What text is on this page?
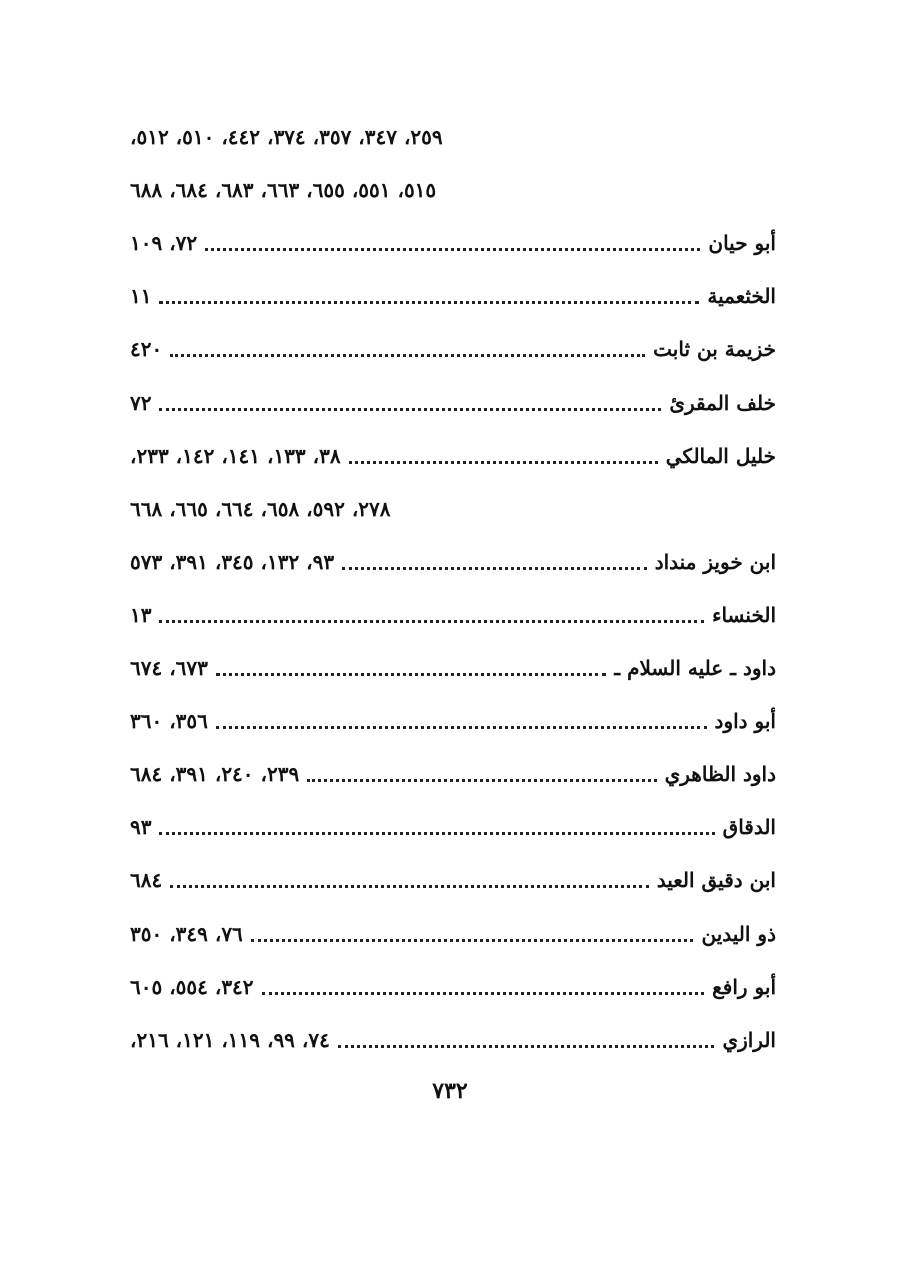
٢٥٩، ٣٤٧، ٣٥٧، ٣٧٤، ٤٤٢، ٥١٠، ٥١٢،
٥١٥، ٥٥١، ٦٥٥، ٦٦٣، ٦٨٣، ٦٨٤، ٦٨٨
أبو حيان
٧٢، ١٠٩
الخثعمية
١١
خزيمة بن ثابت
٤٢٠
خلف المقرئ
٧٢
خليل المالكي
٣٨، ١٣٣، ١٤١، ١٤٢، ٢٣٣،
٢٧٨، ٥٩٢، ٦٥٨، ٦٦٤، ٦٦٥، ٦٦٨
ابن خويز منداد
٩٣، ١٣٢، ٣٤٥، ٣٩١، ٥٧٣
الخنساء
١٣
داود ـ عليه السلام ـ
٦٧٣، ٦٧٤
أبو داود
٣٥٦، ٣٦٠
داود الظاهري
٢٣٩، ٢٤٠، ٣٩١، ٦٨٤
الدقاق
٩٣
ابن دقيق العيد
٦٨٤
ذو اليدين
٧٦، ٣٤٩، ٣٥٠
أبو رافع
٣٤٢، ٥٥٤، ٦٠٥
الرازي
٧٤، ٩٩، ١١٩، ١٢١، ٢١٦،
٧٣٢
